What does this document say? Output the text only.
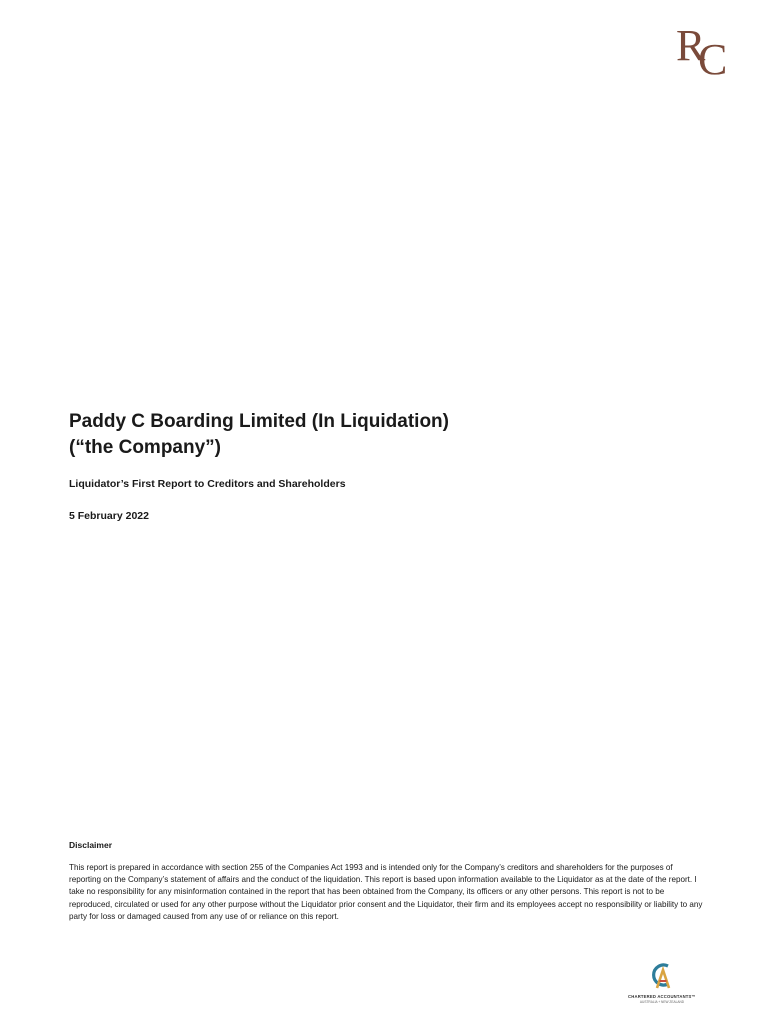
R
C

Paddy C Boarding Limited (In Liquidation)

(“the Company”)

Liquidator’s First Report to Creditors and Shareholders

5 February 2022

Disclaimer

This report is prepared in accordance with section 255 of the Companies Act 1993 and is intended only for the Company’s creditors and shareholders for the purposes of reporting on the Company’s statement of affairs and the conduct of the liquidation. This report is based upon information available to the Liquidator as at the date of the report. I take no responsibility for any misinformation contained in the report that has been obtained from the Company, its officers or any other persons. This report is not to be reproduced, circulated or used for any other purpose without the Liquidator prior consent and the Liquidator, their firm and its employees accept no responsibility or liability to any party for loss or damaged caused from any use of or reliance on this report.

CHARTERED ACCOUNTANTS™
AUSTRALIA + NEW ZEALAND
